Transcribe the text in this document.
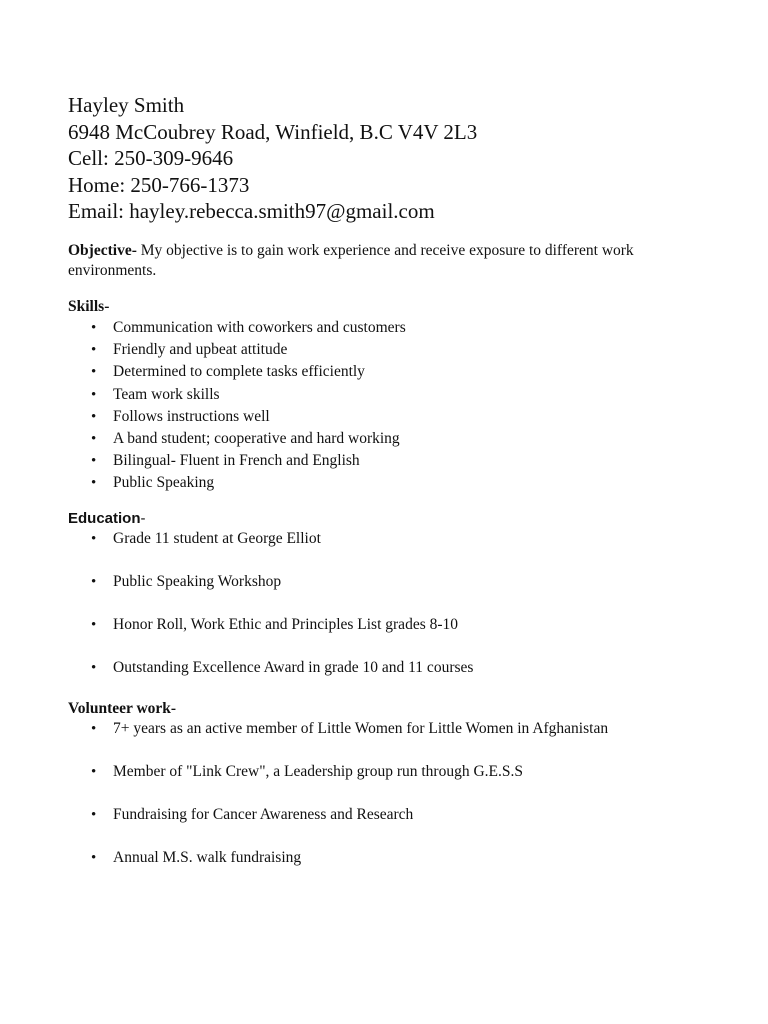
Hayley Smith
6948 McCoubrey Road, Winfield, B.C V4V 2L3
Cell: 250-309-9646
Home: 250-766-1373
Email: hayley.rebecca.smith97@gmail.com
Objective- My objective is to gain work experience and receive exposure to different work environments.
Skills-
• Communication with coworkers and customers
• Friendly and upbeat attitude
• Determined to complete tasks efficiently
• Team work skills
• Follows instructions well
• A band student; cooperative and hard working
• Bilingual- Fluent in French and English
• Public Speaking
Education-
• Grade 11 student at George Elliot
• Public Speaking Workshop
• Honor Roll, Work Ethic and Principles List grades 8-10
• Outstanding Excellence Award in grade 10 and 11 courses
Volunteer work-
• 7+ years as an active member of Little Women for Little Women in Afghanistan
• Member of "Link Crew", a Leadership group run through G.E.S.S
• Fundraising for Cancer Awareness and Research
• Annual M.S. walk fundraising
